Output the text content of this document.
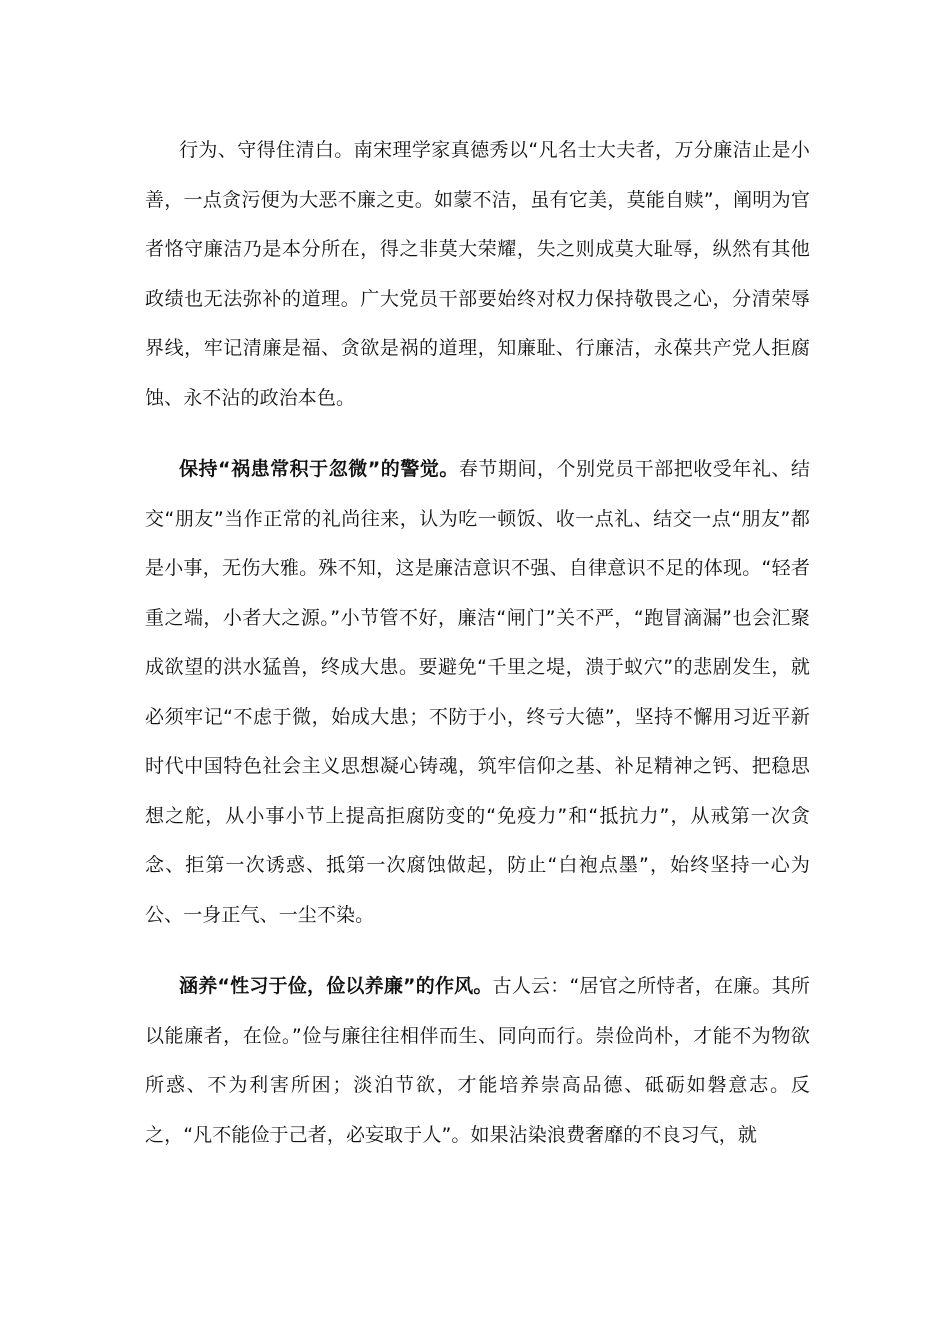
行为、守得住清白。南宋理学家真德秀以“凡名士大夫者，万分廉洁止是小善，一点贪污便为大恶不廉之吏。如蒙不洁，虽有它美，莫能自赎”，阐明为官者恪守廉洁乃是本分所在，得之非莫大荣耀，失之则成莫大耻辱，纵然有其他政绩也无法弥补的道理。广大党员干部要始终对权力保持敬畏之心，分清荣辱界线，牢记清廉是福、贪欲是祸的道理，知廉耻、行廉洁，永葆共产党人拒腐蚀、永不沾的政治本色。

保持“祸患常积于忽微”的警觉。春节期间，个别党员干部把收受年礼、结交“朋友”当作正常的礼尚往来，认为吃一顿饭、收一点礼、结交一点“朋友”都是小事，无伤大雅。殊不知，这是廉洁意识不强、自律意识不足的体现。“轻者重之端，小者大之源。”小节管不好，廉洁“闸门”关不严，“跑冒滴漏”也会汇聚成欲望的洪水猛兽，终成大患。要避免“千里之堤，溃于蚁穴”的悲剧发生，就必须牢记“不虑于微，始成大患；不防于小，终亏大德”，坚持不懈用习近平新时代中国特色社会主义思想凝心铸魂，筑牢信仰之基、补足精神之钙、把稳思想之舵，从小事小节上提高拒腐防变的“免疫力”和“抵抗力”，从戒第一次贪念、拒第一次诱惑、抵第一次腐蚀做起，防止“白袍点墨”，始终坚持一心为公、一身正气、一尘不染。

涵养“性习于俭，俭以养廉”的作风。古人云：“居官之所恃者，在廉。其所以能廉者，在俭。”俭与廉往往相伴而生、同向而行。崇俭尚朴，才能不为物欲所惑、不为利害所困；淡泊节欲，才能培养崇高品德、砥砺如磐意志。反之，“凡不能俭于己者，必妄取于人”。如果沾染浪费奢靡的不良习气，就
